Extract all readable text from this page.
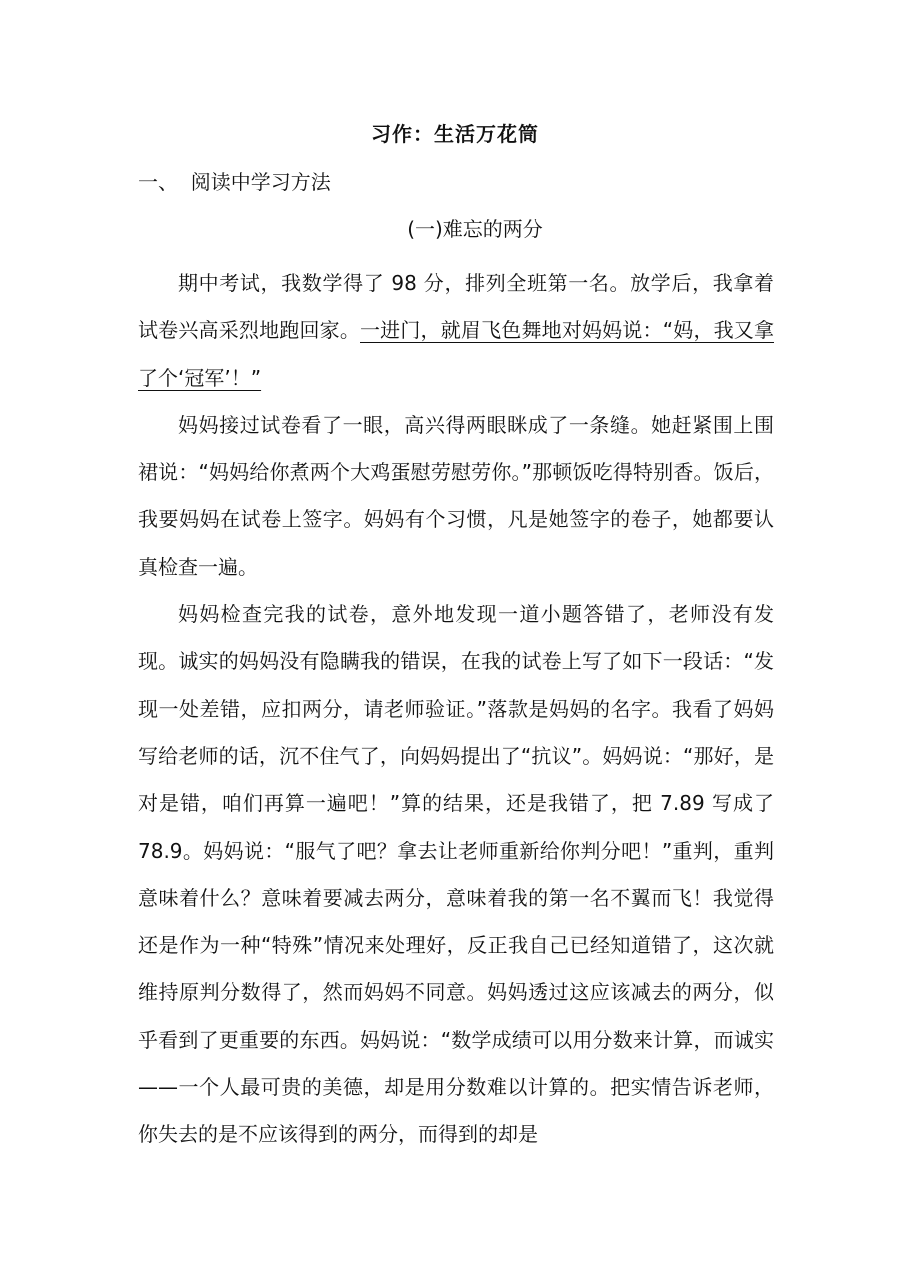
习作：生活万花筒
一、  阅读中学习方法
(一)难忘的两分

期中考试，我数学得了 98 分，排列全班第一名。放学后，我拿着试卷兴高采烈地跑回家。一进门，就眉飞色舞地对妈妈说：“妈，我又拿了个‘冠军’！”

妈妈接过试卷看了一眼，高兴得两眼眯成了一条缝。她赶紧围上围裙说：“妈妈给你煮两个大鸡蛋慰劳慰劳你。”那顿饭吃得特别香。饭后，我要妈妈在试卷上签字。妈妈有个习惯，凡是她签字的卷子，她都要认真检查一遍。

妈妈检查完我的试卷，意外地发现一道小题答错了，老师没有发现。诚实的妈妈没有隐瞒我的错误，在我的试卷上写了如下一段话：“发现一处差错，应扣两分，请老师验证。”落款是妈妈的名字。我看了妈妈写给老师的话，沉不住气了，向妈妈提出了“抗议”。妈妈说：“那好，是对是错，咱们再算一遍吧！”算的结果，还是我错了，把 7.89 写成了 78.9。妈妈说：“服气了吧？拿去让老师重新给你判分吧！”重判，重判意味着什么？意味着要减去两分，意味着我的第一名不翼而飞！我觉得还是作为一种“特殊”情况来处理好，反正我自己已经知道错了，这次就维持原判分数得了，然而妈妈不同意。妈妈透过这应该减去的两分，似乎看到了更重要的东西。妈妈说：“数学成绩可以用分数来计算，而诚实——一个人最可贵的美德，却是用分数难以计算的。把实情告诉老师，你失去的是不应该得到的两分，而得到的却是
